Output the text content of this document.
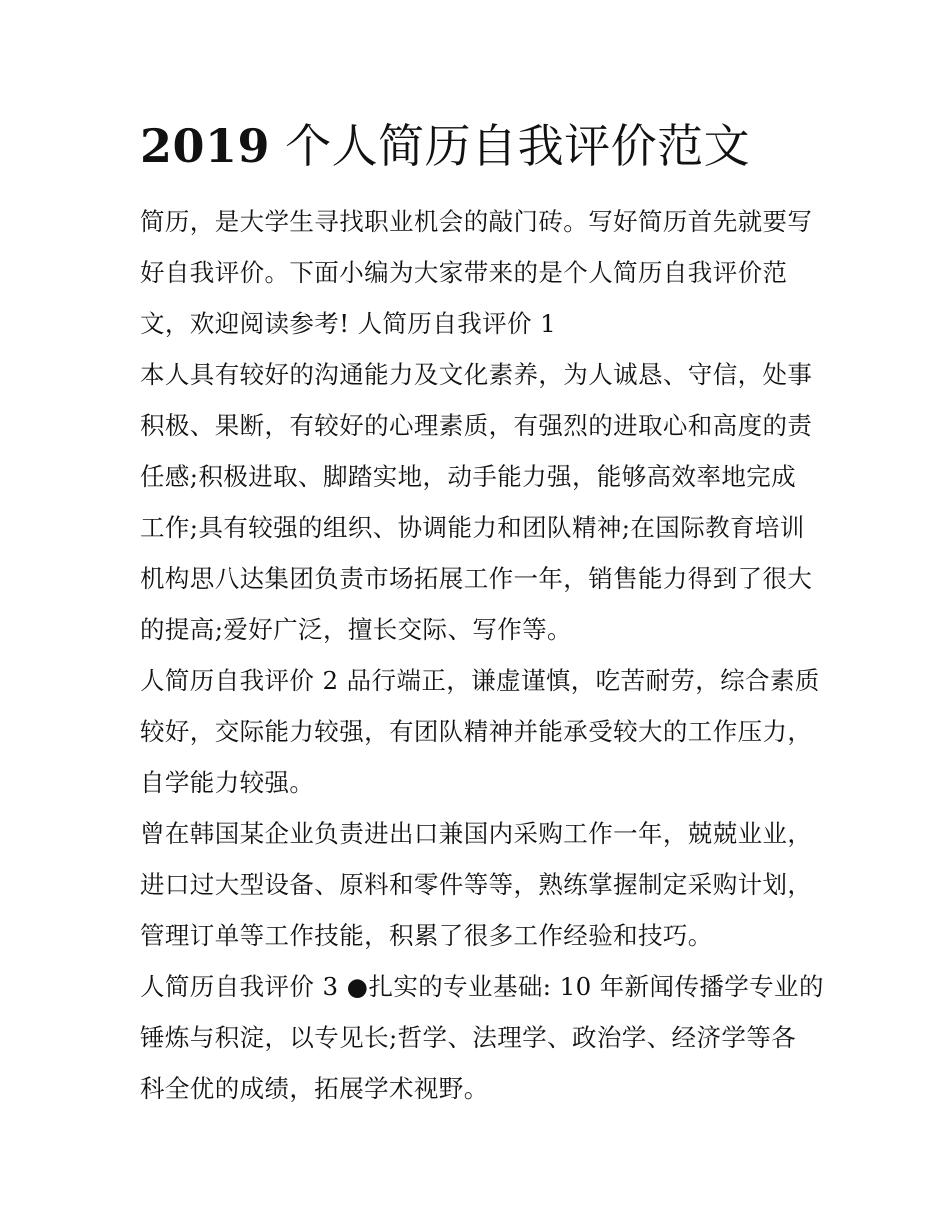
2019 个人简历自我评价范文

简历，是大学生寻找职业机会的敲门砖。写好简历首先就要写
好自我评价。下面小编为大家带来的是个人简历自我评价范
文，欢迎阅读参考! 人简历自我评价 1

本人具有较好的沟通能力及文化素养，为人诚恳、守信，处事
积极、果断，有较好的心理素质，有强烈的进取心和高度的责
任感;积极进取、脚踏实地，动手能力强，能够高效率地完成
工作;具有较强的组织、协调能力和团队精神;在国际教育培训
机构思八达集团负责市场拓展工作一年，销售能力得到了很大
的提高;爱好广泛，擅长交际、写作等。

人简历自我评价 2 品行端正，谦虚谨慎，吃苦耐劳，综合素质
较好，交际能力较强，有团队精神并能承受较大的工作压力，
自学能力较强。

曾在韩国某企业负责进出口兼国内采购工作一年，兢兢业业，
进口过大型设备、原料和零件等等，熟练掌握制定采购计划，
管理订单等工作技能，积累了很多工作经验和技巧。

人简历自我评价 3 ●扎实的专业基础: 10 年新闻传播学专业的
锤炼与积淀，以专见长;哲学、法理学、政治学、经济学等各
科全优的成绩，拓展学术视野。
